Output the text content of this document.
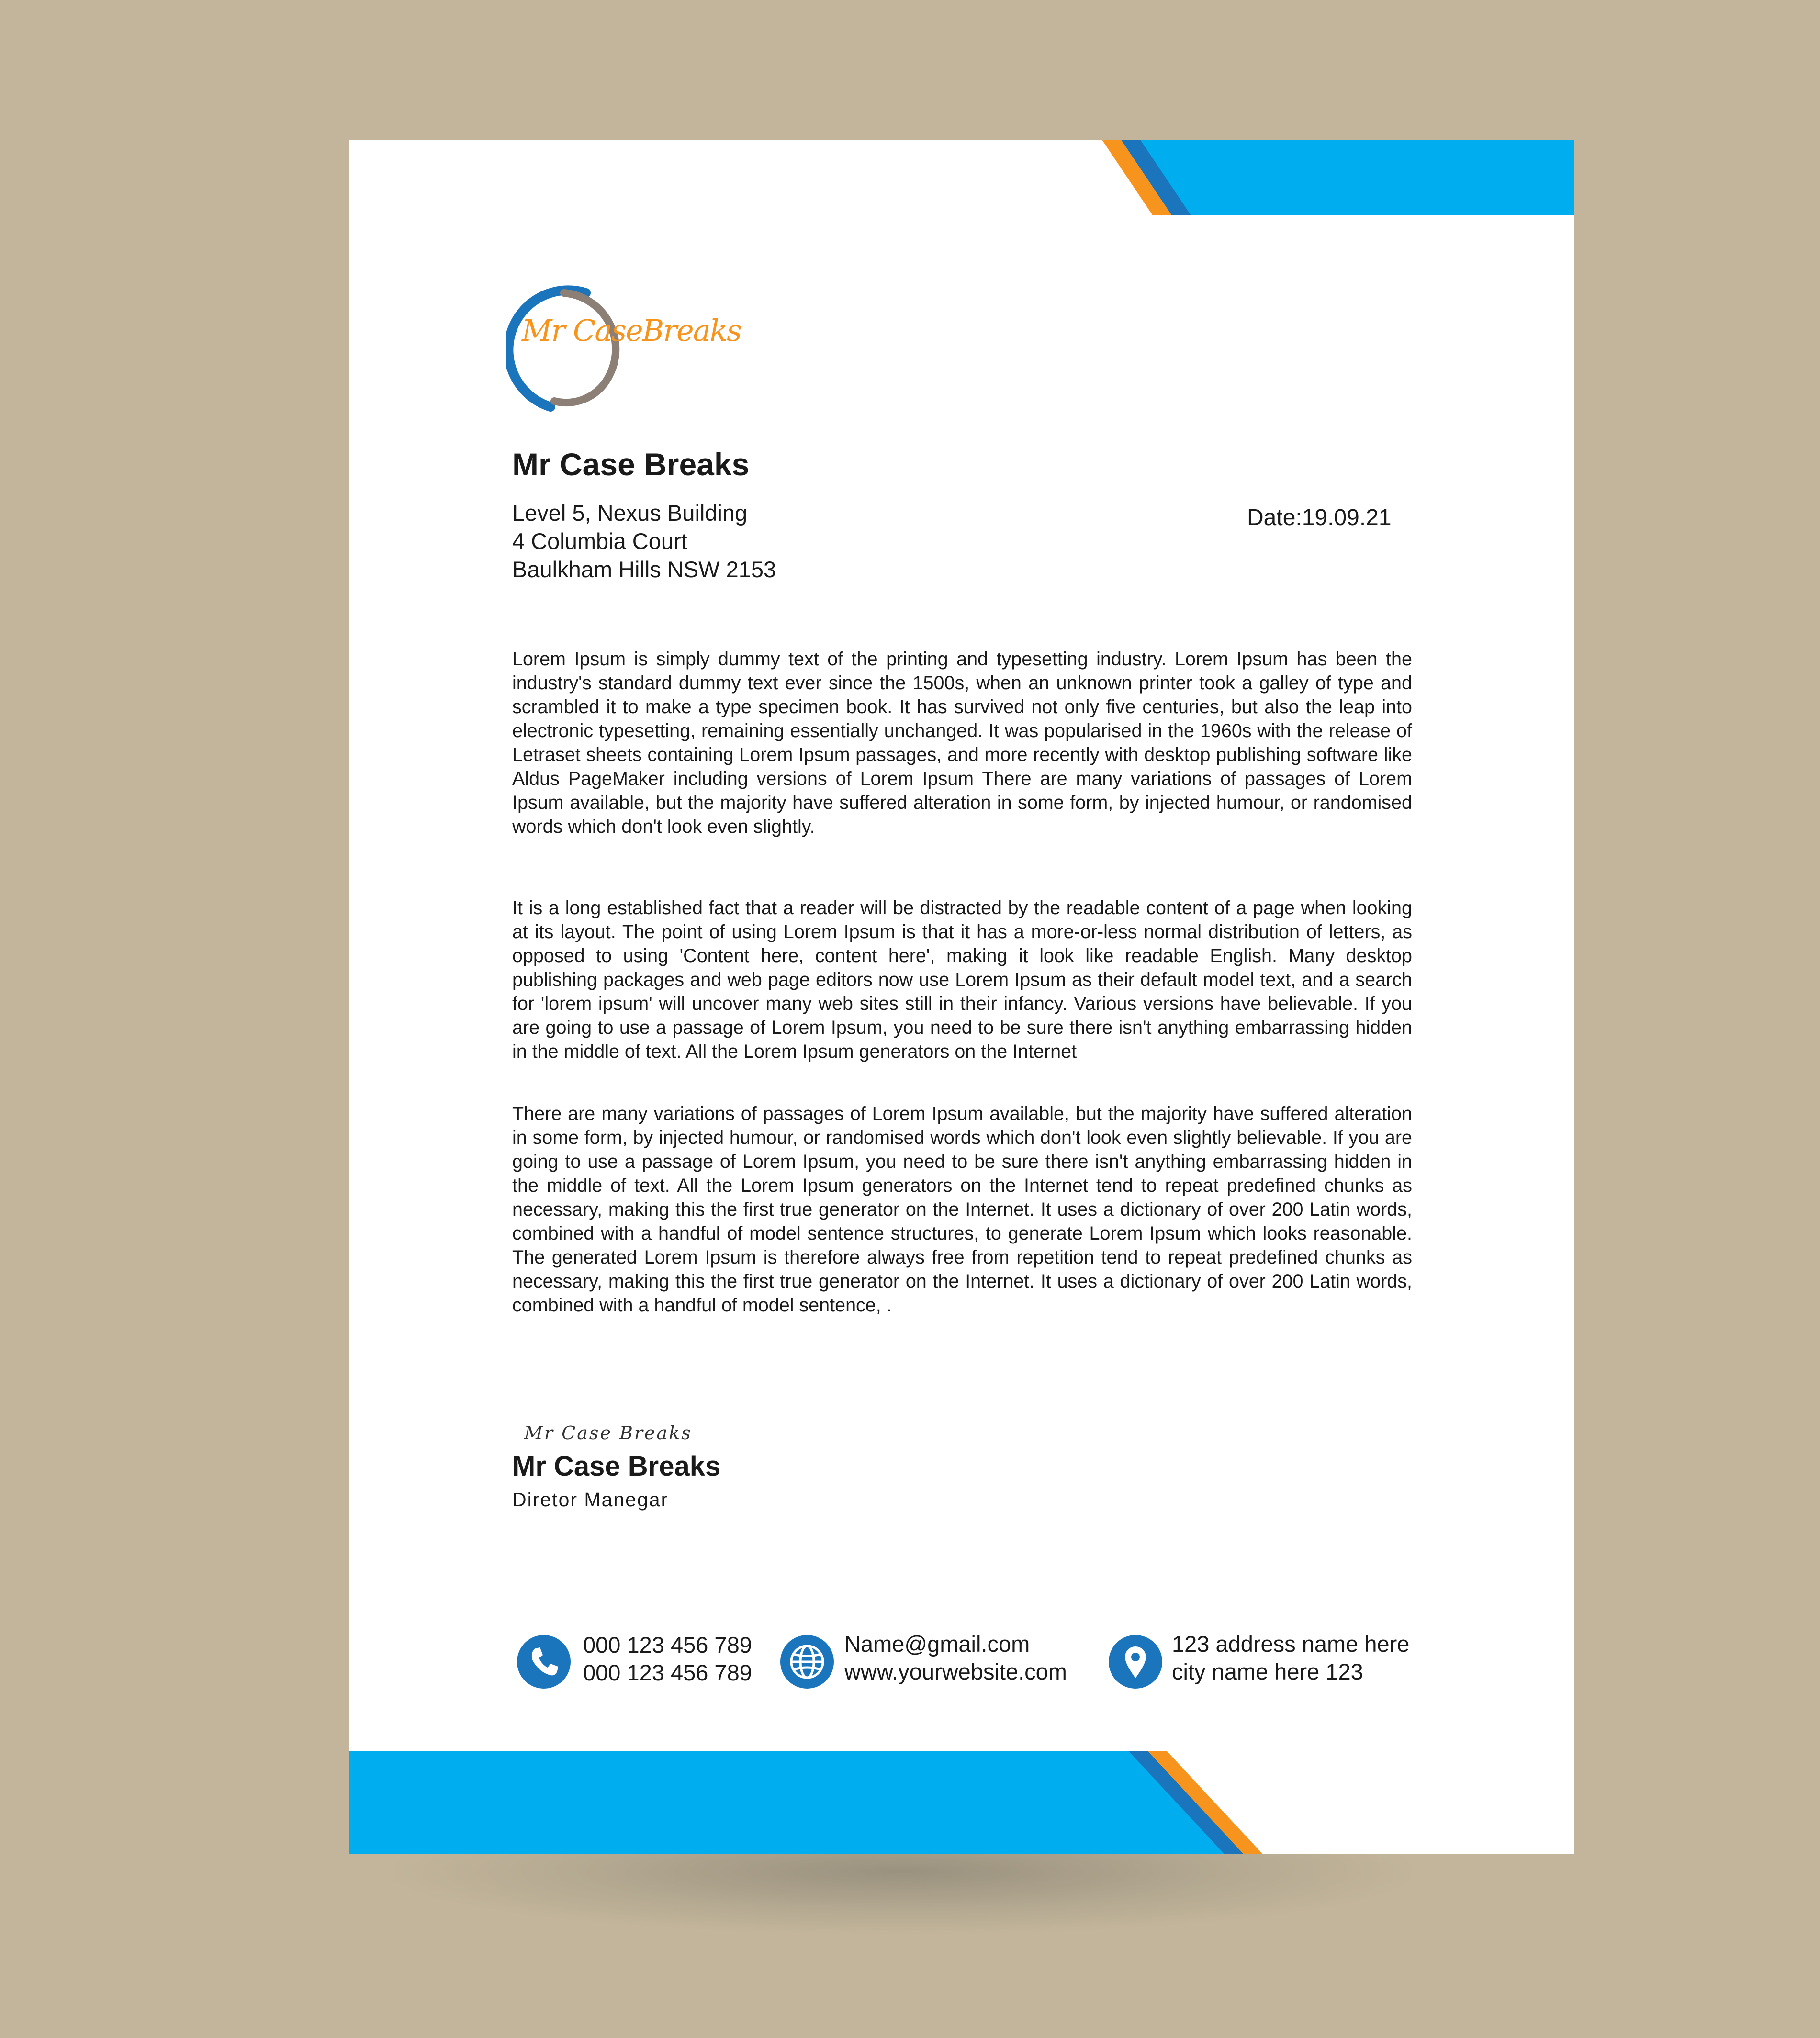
Mr CaseBreaks
Mr Case Breaks
Level 5, Nexus Building
4 Columbia Court
Baulkham Hills NSW 2153
Date:19.09.21
Lorem Ipsum is simply dummy text of the printing and typesetting industry. Lorem Ipsum has been the industry's standard dummy text ever since the 1500s, when an unknown printer took a galley of type and scrambled it to make a type specimen book. It has survived not only five centuries, but also the leap into electronic typesetting, remaining essentially unchanged. It was popularised in the 1960s with the release of Letraset sheets containing Lorem Ipsum passages, and more recently with desktop publishing software like Aldus PageMaker including versions of Lorem Ipsum There are many variations of passages of Lorem Ipsum available, but the majority have suffered alteration in some form, by injected humour, or randomised words which don't look even slightly.
It is a long established fact that a reader will be distracted by the readable content of a page when looking at its layout. The point of using Lorem Ipsum is that it has a more-or-less normal distribution of letters, as opposed to using 'Content here, content here', making it look like readable English. Many desktop publishing packages and web page editors now use Lorem Ipsum as their default model text, and a search for 'lorem ipsum' will uncover many web sites still in their infancy. Various versions have believable. If you are going to use a passage of Lorem Ipsum, you need to be sure there isn't anything embarrassing hidden in the middle of text. All the Lorem Ipsum generators on the Internet
There are many variations of passages of Lorem Ipsum available, but the majority have suffered alteration in some form, by injected humour, or randomised words which don't look even slightly believable. If you are going to use a passage of Lorem Ipsum, you need to be sure there isn't anything embarrassing hidden in the middle of text. All the Lorem Ipsum generators on the Internet tend to repeat predefined chunks as necessary, making this the first true generator on the Internet. It uses a dictionary of over 200 Latin words, combined with a handful of model sentence structures, to generate Lorem Ipsum which looks reasonable. The generated Lorem Ipsum is therefore always free from repetition tend to repeat predefined chunks as necessary, making this the first true generator on the Internet. It uses a dictionary of over 200 Latin words, combined with a handful of model sentence, .
Mr Case Breaks
Mr Case Breaks
Diretor Manegar
000 123 456 789
000 123 456 789
Name@gmail.com
www.yourwebsite.com
123 address name here
city name here 123
